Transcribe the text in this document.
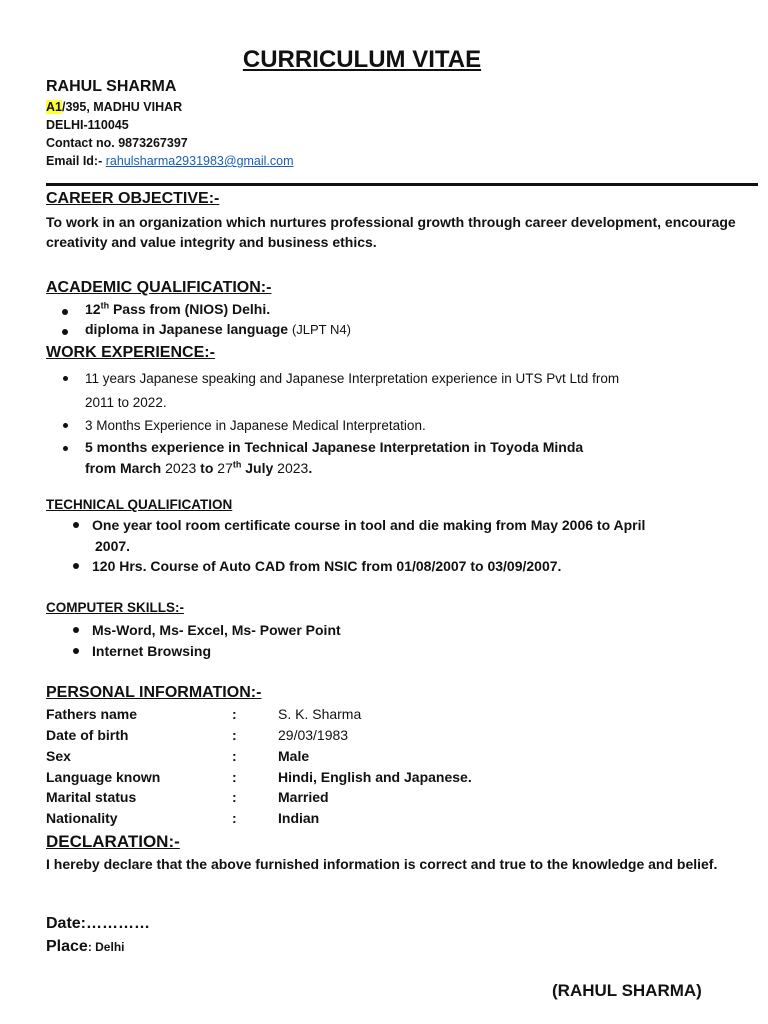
CURRICULUM VITAE
RAHUL SHARMA
A1/395, MADHU VIHAR
DELHI-110045
Contact no. 9873267397
Email Id:- rahulsharma2931983@gmail.com
CAREER OBJECTIVE:-
To work in an organization which nurtures professional growth through career development, encourage creativity and value integrity and business ethics.
ACADEMIC QUALIFICATION:-
12th Pass from (NIOS) Delhi.
diploma in Japanese language (JLPT N4)
WORK EXPERIENCE:-
11 years Japanese speaking and Japanese Interpretation experience in UTS Pvt Ltd from
2011 to 2022.
3 Months Experience in Japanese Medical Interpretation.
5 months experience in Technical Japanese Interpretation in Toyoda Minda
from March 2023 to 27th July 2023.
TECHNICAL QUALIFICATION
One year tool room certificate course in tool and die making from May 2006 to April
2007.
120 Hrs. Course of Auto CAD from NSIC from 01/08/2007 to 03/09/2007.
COMPUTER SKILLS:-
Ms-Word, Ms- Excel, Ms- Power Point
Internet Browsing
PERSONAL INFORMATION:-
Fathers name	:	S. K. Sharma
Date of birth	:	29/03/1983
Sex	:	Male
Language known	:	Hindi, English and Japanese.
Marital status	:	Married
Nationality	:	Indian
DECLARATION:-
I hereby declare that the above furnished information is correct and true to the knowledge and belief.
Date:…………
Place: Delhi
(RAHUL SHARMA)
